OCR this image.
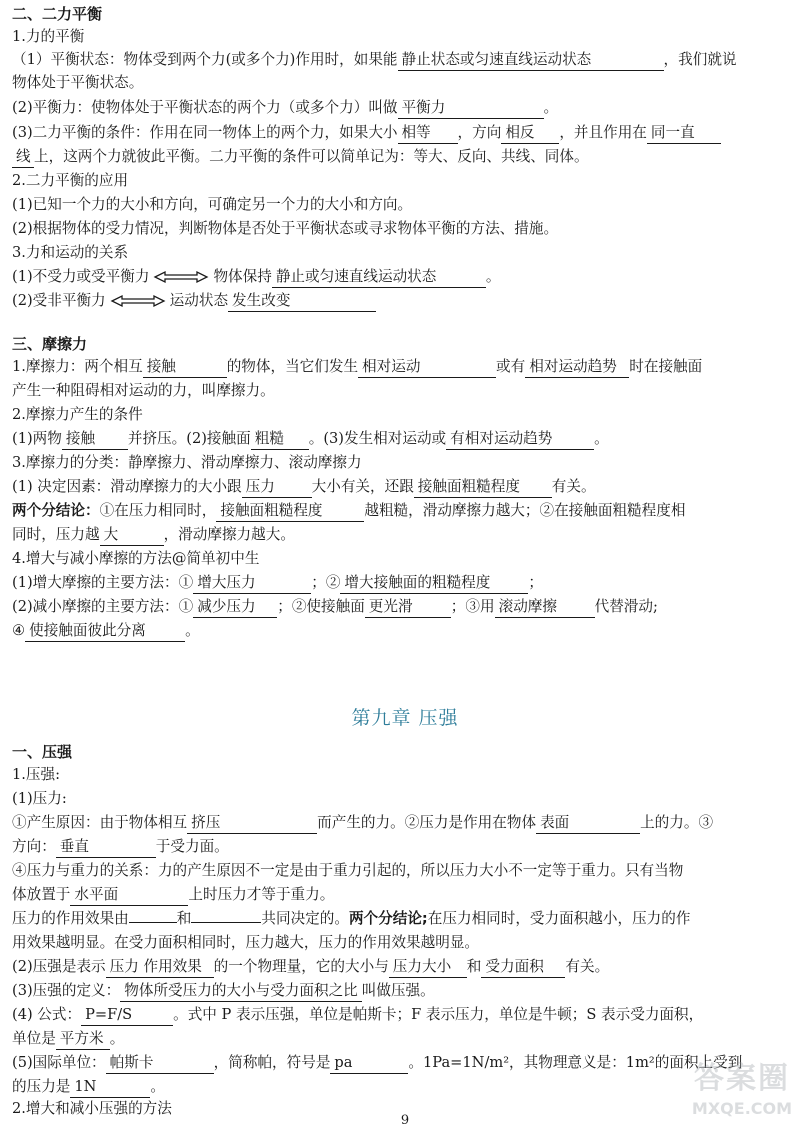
二、二力平衡
1.力的平衡
（1）平衡状态：物体受到两个力(或多个力)作用时，如果能 静止状态或匀速直线运动状态	，我们就说
物体处于平衡状态。
(2)平衡力：使物体处于平衡状态的两个力（或多个力）叫做 平衡力	。
(3)二力平衡的条件：作用在同一物体上的两个力，如果大小 相等 ，方向 相反 ，并且作用在 同一直
线 上，这两个力就彼此平衡。二力平衡的条件可以简单记为：等大、反向、共线、同体。
2.二力平衡的应用
(1)已知一个力的大小和方向，可确定另一个力的大小和方向。
(2)根据物体的受力情况，判断物体是否处于平衡状态或寻求物体平衡的方法、措施。
3.力和运动的关系
(1)不受力或受平衡力	物体保持 静止或匀速直线运动状态	。
(2)受非平衡力	运动状态 发生改变
三、摩擦力
1.摩擦力：两个相互 接触	的物体，当它们发生 相对运动	或有 相对运动趋势 时在接触面
产生一种阻碍相对运动的力，叫摩擦力。
2.摩擦力产生的条件
(1)两物 接触 并挤压。(2)接触面 粗糙 。(3)发生相对运动或 有相对运动趋势	。
3.摩擦力的分类：静摩擦力、滑动摩擦力、滚动摩擦力
(1) 决定因素：滑动摩擦力的大小跟 压力	大小有关，还跟 接触面粗糙程度 有关。
两个分结论：①在压力相同时， 接触面粗糙程度	越粗糙，滑动摩擦力越大；②在接触面粗糙程度相
同时，压力越 大	，滑动摩擦力越大。
4.增大与减小摩擦的方法@简单初中生
(1)增大摩擦的主要方法：① 增大压力	；② 增大接触面的粗糙程度	；
(2)减小摩擦的主要方法：① 减少压力 ；②使接触面 更光滑	；③用 滚动摩擦	代替滑动;
④ 使接触面彼此分离	。
第九章 压强
一、压强
1.压强:
(1)压力:
①产生原因：由于物体相互 挤压	而产生的力。②压力是作用在物体 表面	上的力。③
方向： 垂直	于受力面。
④压力与重力的关系：力的产生原因不一定是由于重力引起的，所以压力大小不一定等于重力。只有当物
体放置于 水平面	上时压力才等于重力。
压力的作用效果由	和	共同决定的。两个分结论;在压力相同时，受力面积越小，压力的作
用效果越明显。在受力面积相同时，压力越大，压力的作用效果越明显。
(2)压强是表示 压力 作用效果 的一个物理量，它的大小与 压力大小 和 受力面积 有关。
(3)压强的定义： 物体所受压力的大小与受力面积之比 叫做压强。
(4) 公式： P=F/S	。式中 P 表示压强，单位是帕斯卡；F 表示压力，单位是牛顿；S 表示受力面积，
单位是 平方米 。
(5)国际单位： 帕斯卡	，简称帕，符号是 pa	。1Pa=1N/m²，其物理意义是：1m²的面积上受到
的压力是 1N	。
2.增大和减小压强的方法
9
答案圈
MXQE.COM
